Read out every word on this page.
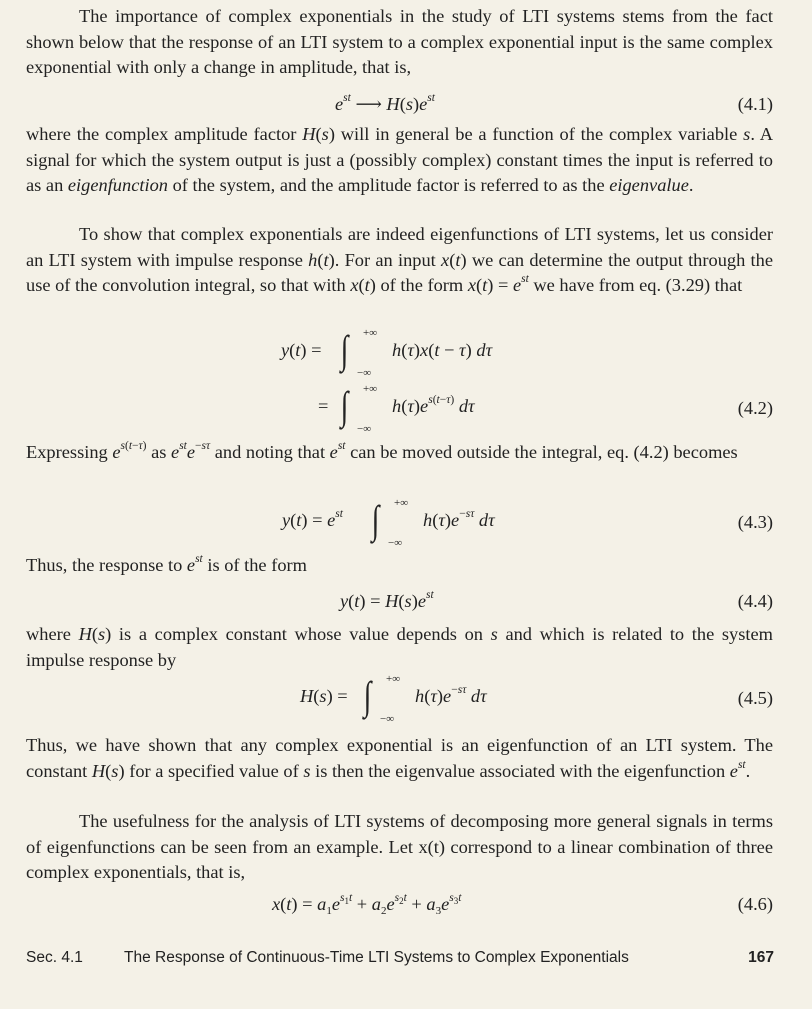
The importance of complex exponentials in the study of LTI systems stems from the fact shown below that the response of an LTI system to a complex exponential input is the same complex exponential with only a change in amplitude, that is,
$e^{st}$ ⟶ $H(s)e^{st}$	(4.1)
where the complex amplitude factor H(s) will in general be a function of the complex variable s. A signal for which the system output is just a (possibly complex) constant times the input is referred to as an eigenfunction of the system, and the amplitude factor is referred to as the eigenvalue.
To show that complex exponentials are indeed eigenfunctions of LTI systems, let us consider an LTI system with impulse response h(t). For an input x(t) we can determine the output through the use of the convolution integral, so that with x(t) of the form $x(t) = e^{st}$ we have from eq. (3.29) that
y(t) = ∫ +∞
−∞
h(τ)x(t − τ) dτ
= ∫ +∞
−∞
$h(\tau)e^{s(t-\tau)}$ dτ	(4.2)
Expressing $e^{s(t-\tau)}$ as $e^{st}e^{-s\tau}$ and noting that $e^{st}$ can be moved outside the integral, eq. (4.2) becomes
$y(t) = e^{st}$ ∫ +∞
−∞
$h(\tau)e^{-s\tau}$ dτ	(4.3)
Thus, the response to $e^{st}$ is of the form
$y(t) = H(s)e^{st}$	(4.4)
where H(s) is a complex constant whose value depends on s and which is related to the system impulse response by
H(s) = ∫ +∞
−∞
$h(\tau)e^{-s\tau}$ dτ	(4.5)
Thus, we have shown that any complex exponential is an eigenfunction of an LTI system. The constant H(s) for a specified value of s is then the eigenvalue associated with the eigenfunction $e^{st}$.
The usefulness for the analysis of LTI systems of decomposing more general signals in terms of eigenfunctions can be seen from an example. Let x(t) correspond to a linear combination of three complex exponentials, that is,
$x(t) = a_1e^{s_1t} + a_2e^{s_2t} + a_3e^{s_3t}$	(4.6)
Sec. 4.1	The Response of Continuous-Time LTI Systems to Complex Exponentials	167
